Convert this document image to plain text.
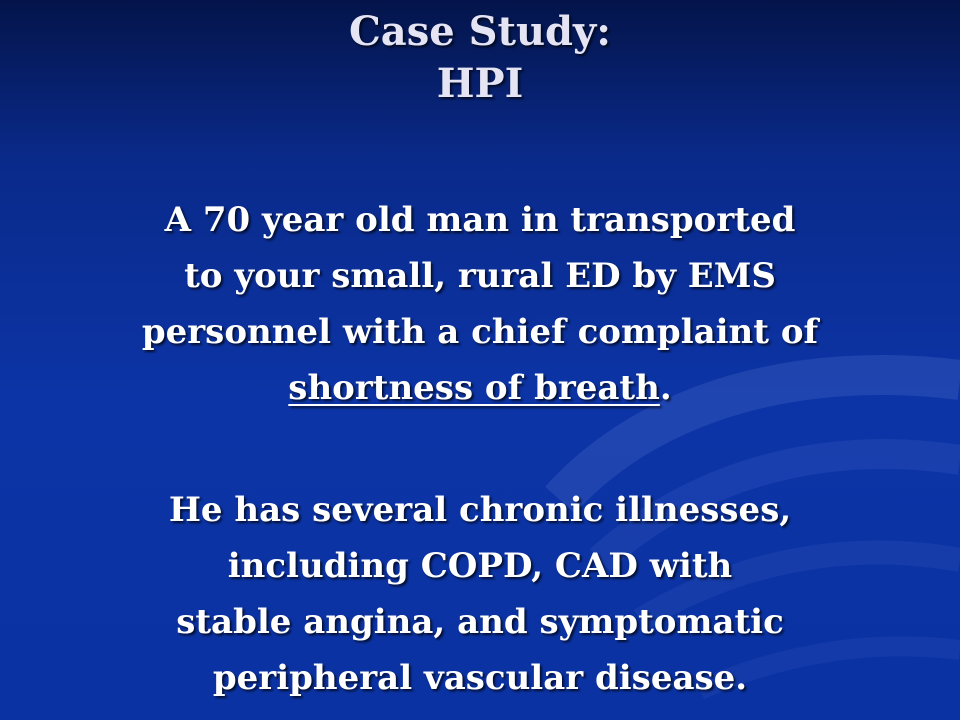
Case Study:
HPI
A 70 year old man in transported
to your small, rural ED by EMS
personnel with a chief complaint of
shortness of breath.
He has several chronic illnesses,
including COPD, CAD with
stable angina, and symptomatic
peripheral vascular disease.
